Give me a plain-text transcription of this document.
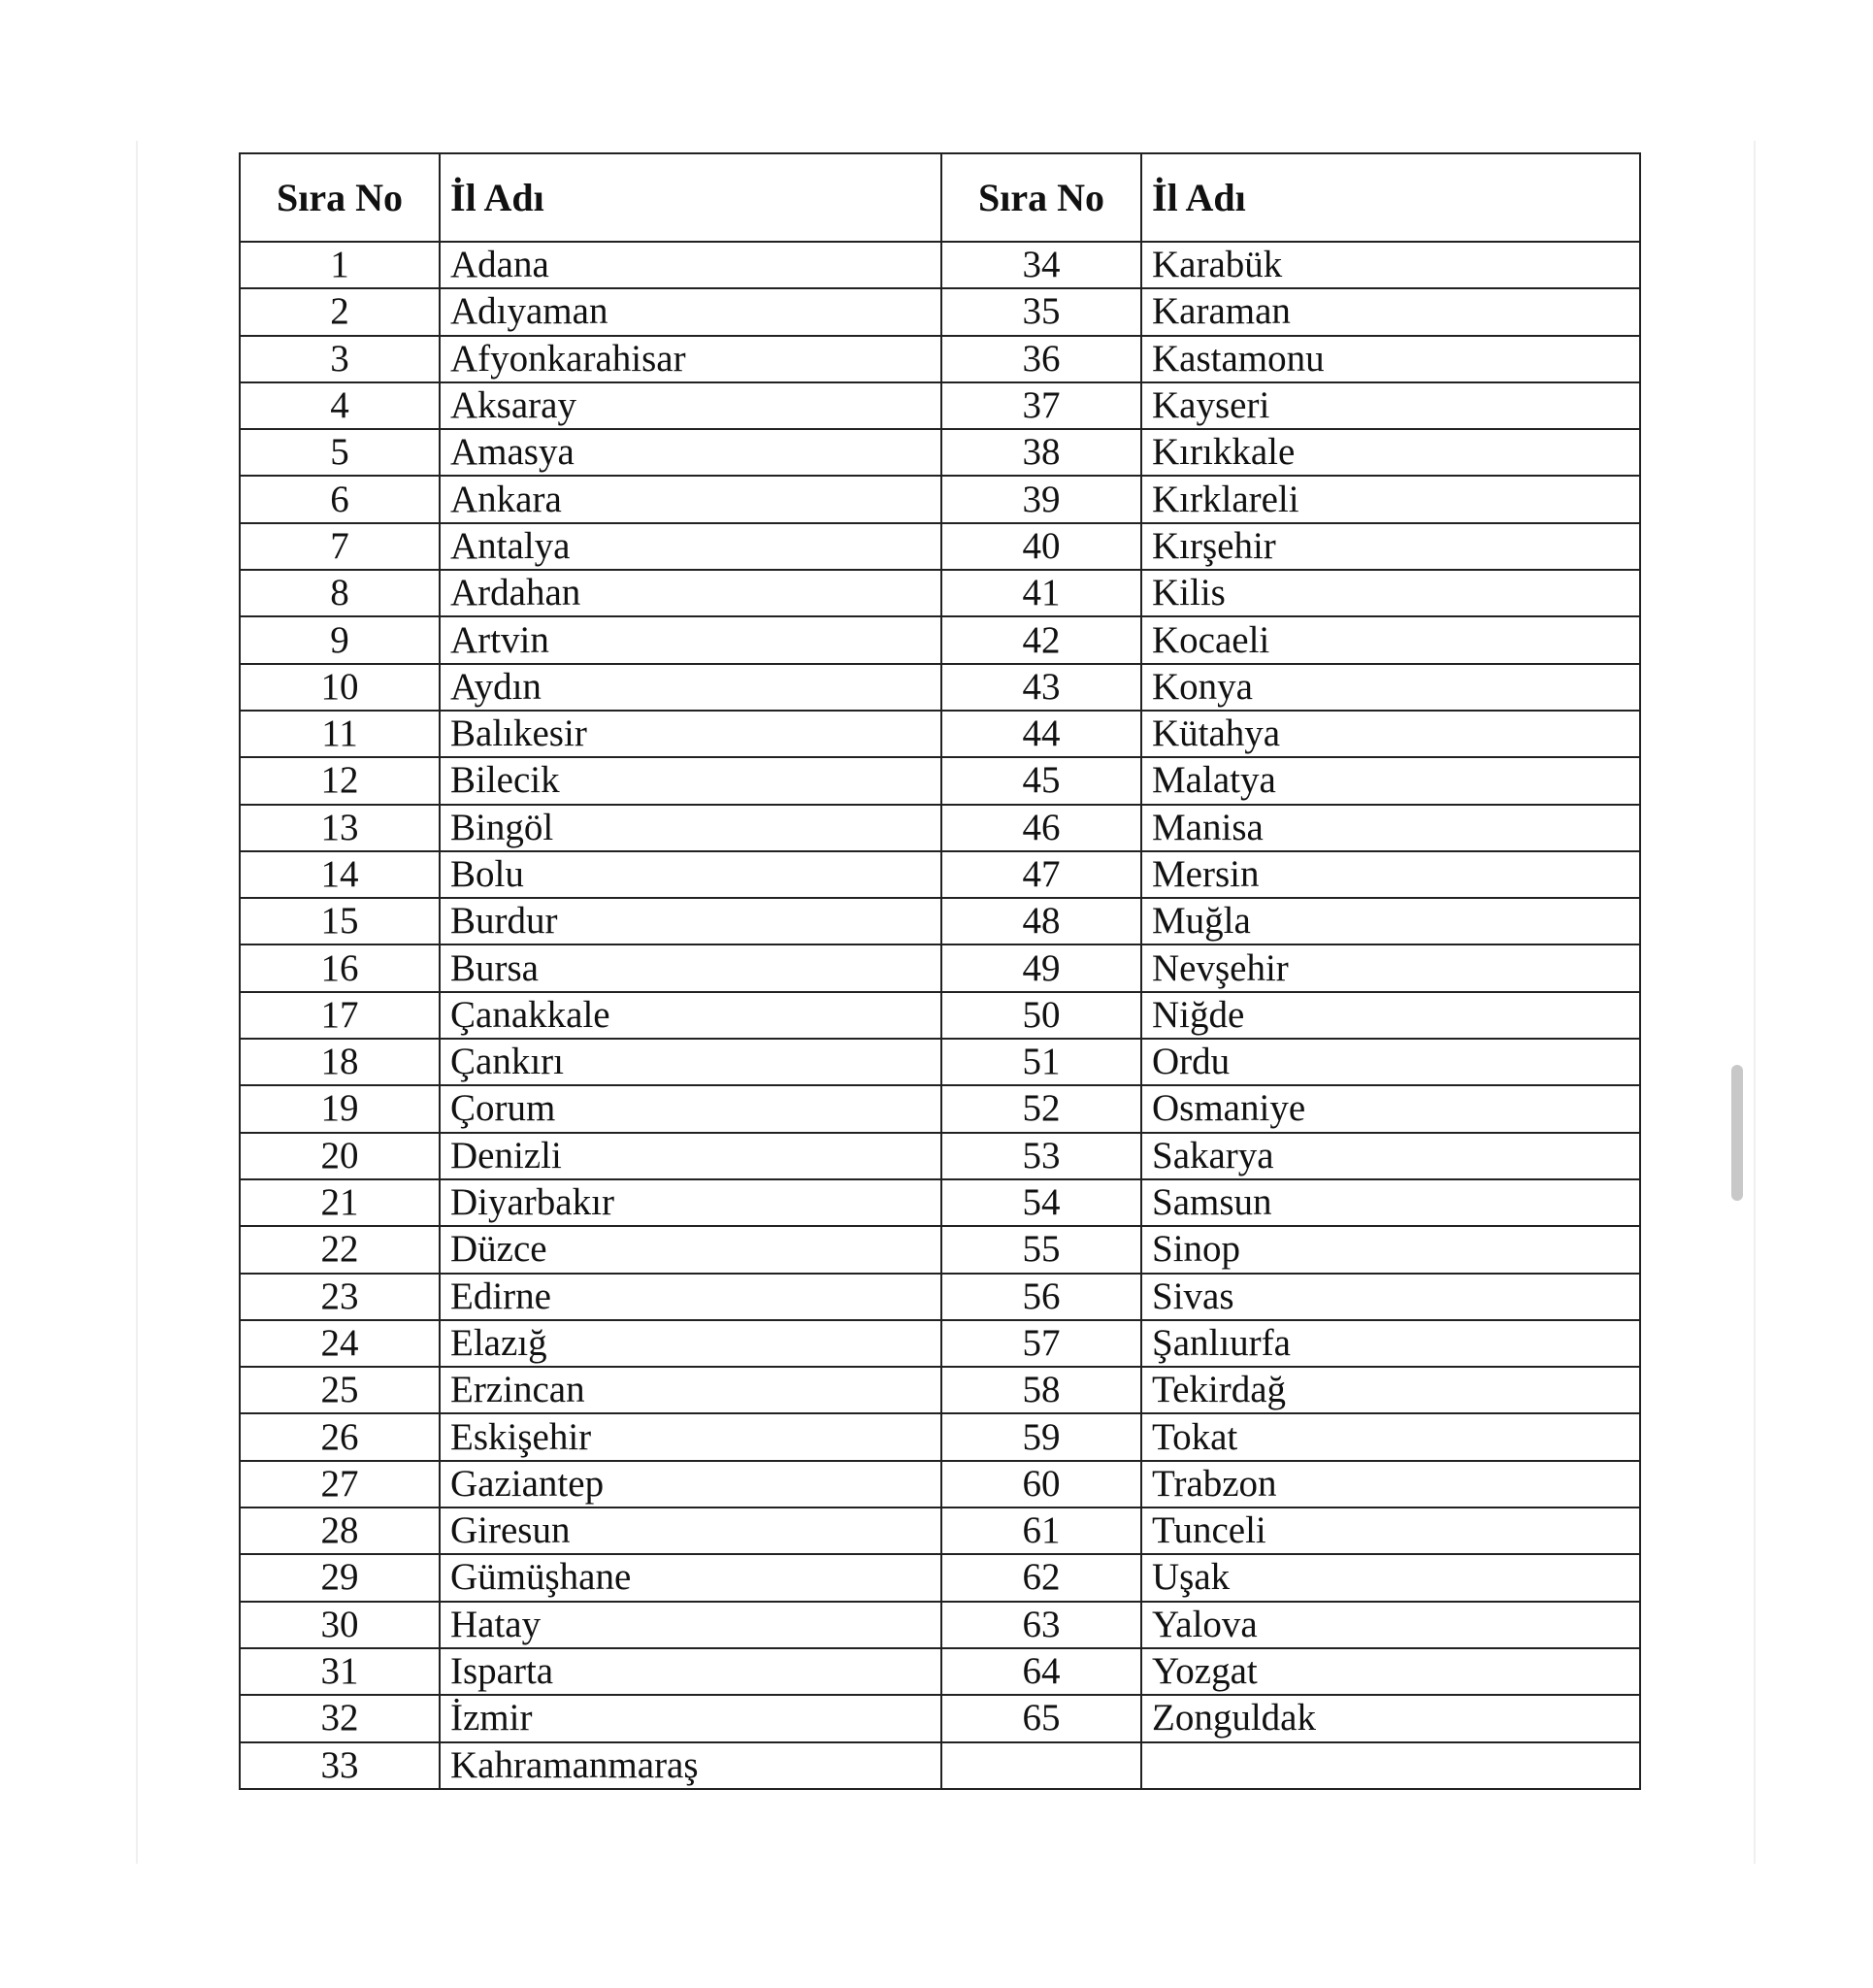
Sıra No	İl Adı	Sıra No	İl Adı
1	Adana	34	Karabük
2	Adıyaman	35	Karaman
3	Afyonkarahisar	36	Kastamonu
4	Aksaray	37	Kayseri
5	Amasya	38	Kırıkkale
6	Ankara	39	Kırklareli
7	Antalya	40	Kırşehir
8	Ardahan	41	Kilis
9	Artvin	42	Kocaeli
10	Aydın	43	Konya
11	Balıkesir	44	Kütahya
12	Bilecik	45	Malatya
13	Bingöl	46	Manisa
14	Bolu	47	Mersin
15	Burdur	48	Muğla
16	Bursa	49	Nevşehir
17	Çanakkale	50	Niğde
18	Çankırı	51	Ordu
19	Çorum	52	Osmaniye
20	Denizli	53	Sakarya
21	Diyarbakır	54	Samsun
22	Düzce	55	Sinop
23	Edirne	56	Sivas
24	Elazığ	57	Şanlıurfa
25	Erzincan	58	Tekirdağ
26	Eskişehir	59	Tokat
27	Gaziantep	60	Trabzon
28	Giresun	61	Tunceli
29	Gümüşhane	62	Uşak
30	Hatay	63	Yalova
31	Isparta	64	Yozgat
32	İzmir	65	Zonguldak
33	Kahramanmaraş		
